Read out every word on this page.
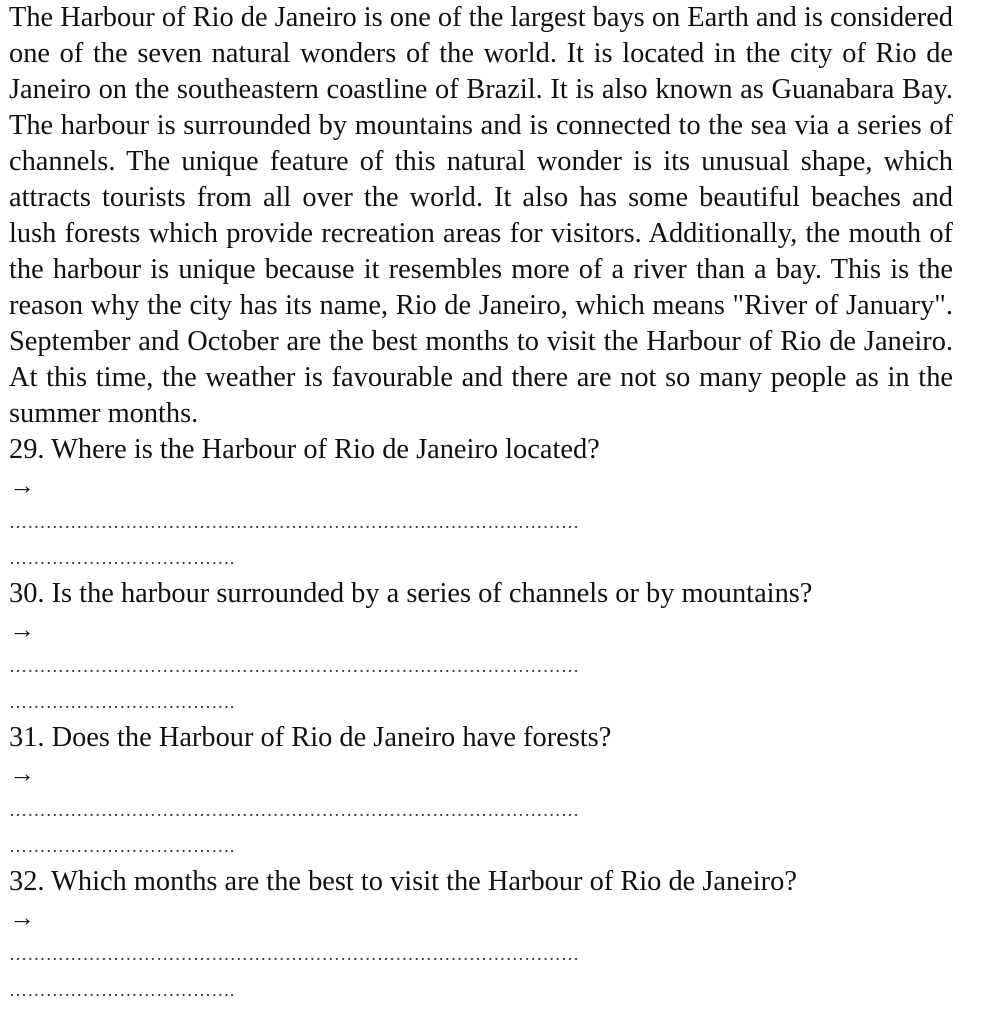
The Harbour of Rio de Janeiro is one of the largest bays on Earth and is considered one of the seven natural wonders of the world. It is located in the city of Rio de Janeiro on the southeastern coastline of Brazil. It is also known as Guanabara Bay. The harbour is surrounded by mountains and is connected to the sea via a series of channels. The unique feature of this natural wonder is its unusual shape, which attracts tourists from all over the world. It also has some beautiful beaches and lush forests which provide recreation areas for visitors. Additionally, the mouth of the harbour is unique because it resembles more of a river than a bay. This is the reason why the city has its name, Rio de Janeiro, which means "River of January". September and October are the best months to visit the Harbour of Rio de Janeiro. At this time, the weather is favourable and there are not so many people as in the summer months.

29. Where is the Harbour of Rio de Janeiro located?

→

…………………………………………………………………………………

……………………………….

30. Is the harbour surrounded by a series of channels or by mountains?

→

…………………………………………………………………………………

……………………………….

31. Does the Harbour of Rio de Janeiro have forests?

→

…………………………………………………………………………………

……………………………….

32. Which months are the best to visit the Harbour of Rio de Janeiro?

→

…………………………………………………………………………………

……………………………….
